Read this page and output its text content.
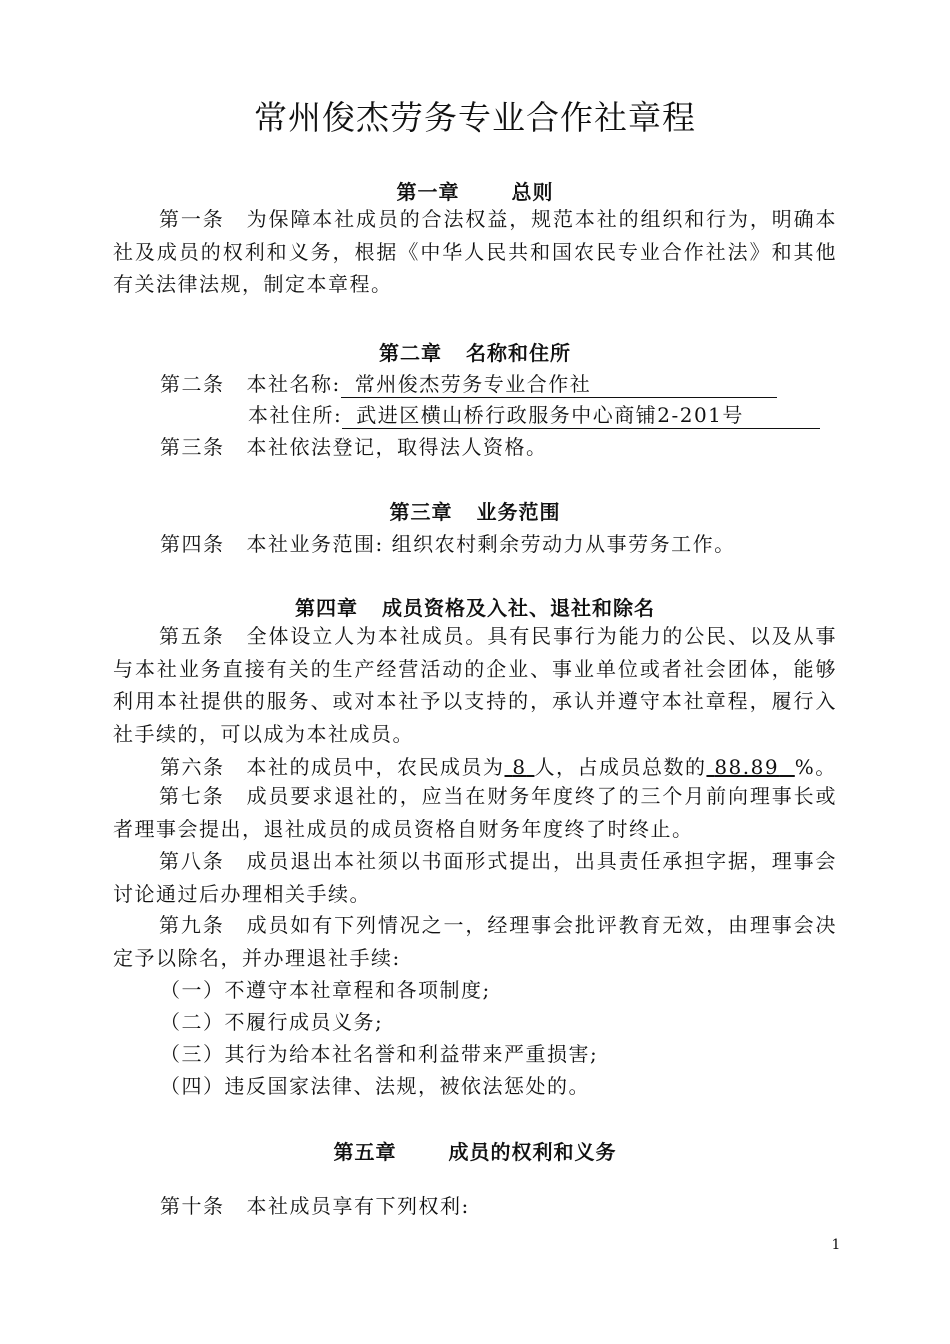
常州俊杰劳务专业合作社章程
第一章	总则
第一条 为保障本社成员的合法权益，规范本社的组织和行为，明确本社及成员的权利和义务，根据《中华人民共和国农民专业合作社法》和其他有关法律法规，制定本章程。
第二章 名称和住所
第二条 本社名称: 常州俊杰劳务专业合作社
本社住所: 武进区横山桥行政服务中心商铺2-201号
第三条 本社依法登记，取得法人资格。
第三章 业务范围
第四条 本社业务范围: 组织农村剩余劳动力从事劳务工作。
第四章 成员资格及入社、退社和除名
第五条 全体设立人为本社成员。具有民事行为能力的公民、以及从事与本社业务直接有关的生产经营活动的企业、事业单位或者社会团体，能够利用本社提供的服务、或对本社予以支持的，承认并遵守本社章程，履行入社手续的，可以成为本社成员。
第六条 本社的成员中，农民成员为 8 人，占成员总数的 88.89 %。
第七条 成员要求退社的，应当在财务年度终了的三个月前向理事长或者理事会提出，退社成员的成员资格自财务年度终了时终止。
第八条 成员退出本社须以书面形式提出，出具责任承担字据，理事会讨论通过后办理相关手续。
第九条 成员如有下列情况之一，经理事会批评教育无效，由理事会决定予以除名，并办理退社手续:
（一）不遵守本社章程和各项制度;
（二）不履行成员义务;
（三）其行为给本社名誉和利益带来严重损害;
（四）违反国家法律、法规，被依法惩处的。
第五章	成员的权利和义务
第十条 本社成员享有下列权利:
1
